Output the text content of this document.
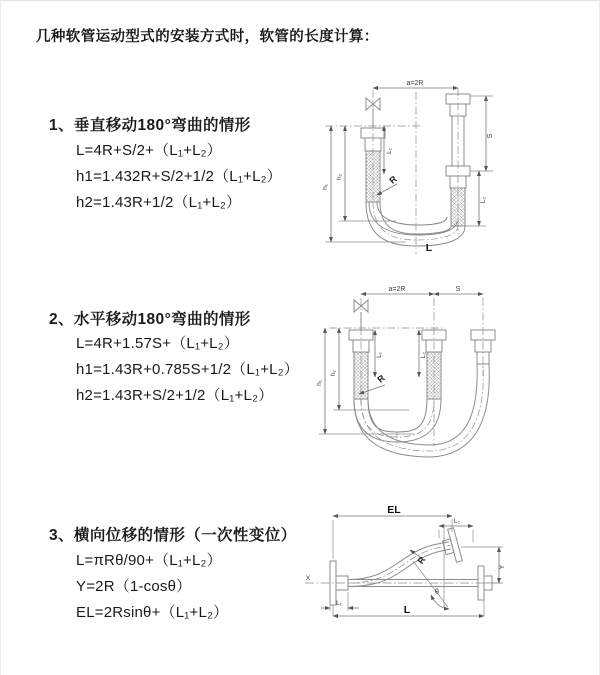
几种软管运动型式的安装方式时，软管的长度计算：
1、垂直移动180°弯曲的情形
L=4R+S/2+（L₁+L₂）
h1=1.432R+S/2+1/2（L₁+L₂）
h2=1.43R+1/2（L₁+L₂）
2、水平移动180°弯曲的情形
L=4R+1.57S+（L₁+L₂）
h1=1.43R+0.785S+1/2（L₁+L₂）
h2=1.43R+S/2+1/2（L₁+L₂）
3、横向位移的情形（一次性变位）
L=πRθ/90+（L₁+L₂）
Y=2R（1-cosθ）
EL=2Rsinθ+（L₁+L₂）
a=2R
S
L₂
L₁
h₁
h₂	R
L
a=2R	S
L₁	L₂
h₁
h₂	R
EL
L₂
L
Y
R
θ
X
L₁
